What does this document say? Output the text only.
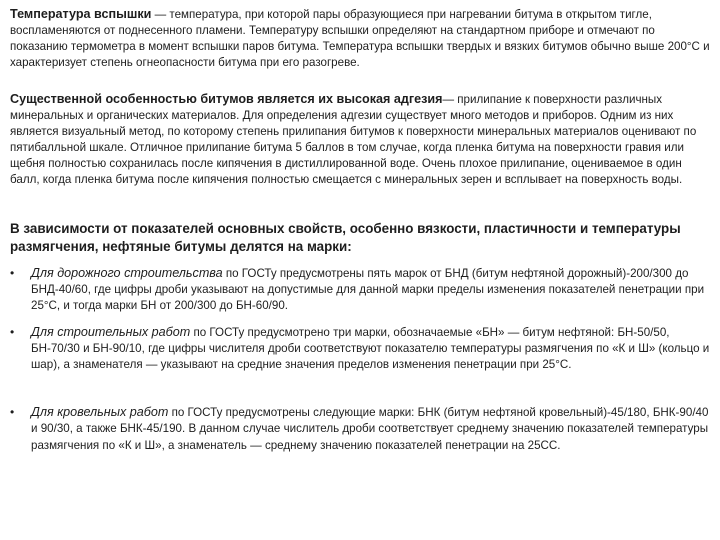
Температура вспышки — температура, при которой пары образующиеся при нагревании битума в открытом тигле, воспламеняются от поднесенного пламени. Температуру вспышки определяют на стандартном приборе и отмечают по показанию термометра в момент вспышки паров битума. Температура вспышки твердых и вязких битумов обычно выше 200°С и характеризует степень огнеопасности битума при его разогреве.

Существенной особенностью битумов является их высокая адгезия— прилипание к поверхности различных минеральных и органических материалов. Для определения адгезии существует много методов и приборов. Одним из них является визуальный метод, по которому степень прилипания битумов к поверхности минеральных материалов оценивают по пятибалльной шкале. Отличное прилипание битума 5 баллов в том случае, когда пленка битума на поверхности гравия или щебня полностью сохранилась после кипячения в дистиллированной воде. Очень плохое прилипание, оцениваемое в один балл, когда пленка битума после кипячения полностью смещается с минеральных зерен и всплывает на поверхность воды.

В зависимости от показателей основных свойств, особенно вязкости, пластичности и температуры размягчения, нефтяные битумы делятся на марки:

•	Для дорожного строительства по ГОСТу предусмотрены пять марок от БНД (битум нефтяной дорожный)-200/300 до БНД-40/60, где цифры дроби указывают на допустимые для данной марки пределы изменения показателей пенетрации при 25°С, и тогда марки БН от 200/300 до БН-60/90.
•	Для строительных работ по ГОСТу предусмотрено три марки, обозначаемые «БН» — битум нефтяной: БН-50/50, БН-70/30 и БН-90/10, где цифры числителя дроби соответствуют показателю температуры размягчения по «К и Ш» (кольцо и шар), а знаменателя — указывают на средние значения пределов изменения пенетрации при 25°С.
•	Для кровельных работ по ГОСТу предусмотрены следующие марки: БНК (битум нефтяной кровельный)-45/180, БНК-90/40 и 90/30, а также БНК-45/190. В данном случае числитель дроби соответствует среднему значению показателей температуры размягчения по «К и Ш», а знаменатель — среднему значению показателей пенетрации на 25СС.
